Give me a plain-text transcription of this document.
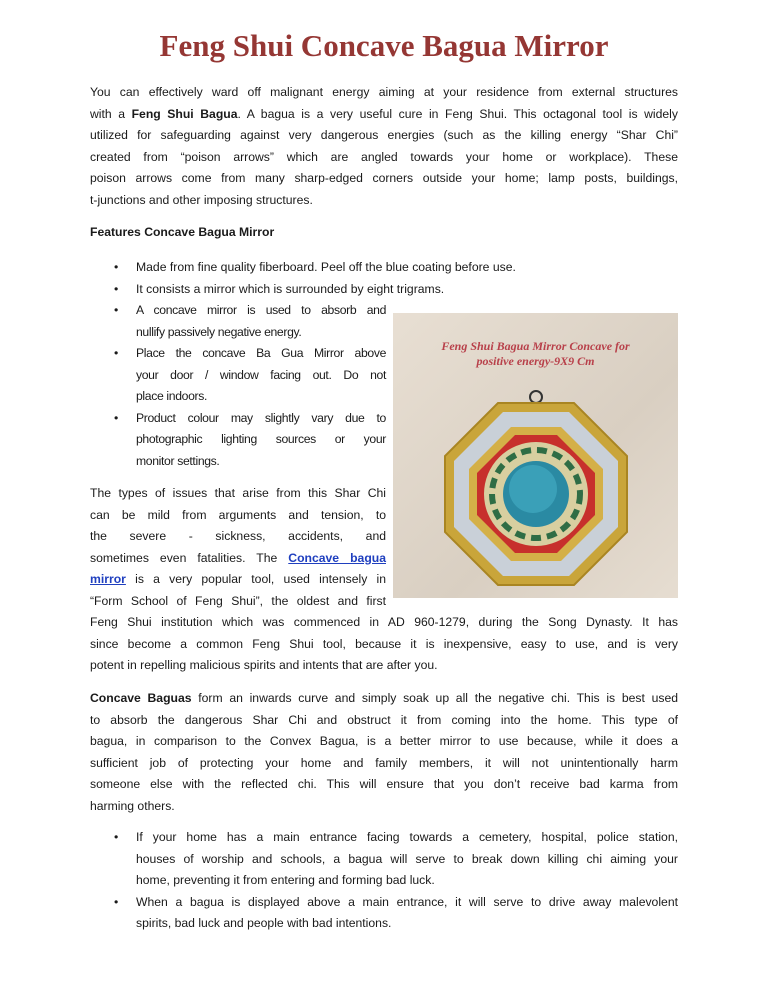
Feng Shui Concave Bagua Mirror
You can effectively ward off malignant energy aiming at your residence from external structures
with a Feng Shui Bagua. A bagua is a very useful cure in Feng Shui. This octagonal tool is widely
utilized for safeguarding against very dangerous energies (such as the killing energy “Shar Chi”
created from “poison arrows” which are angled towards your home or workplace). These
poison arrows come from many sharp-edged corners outside your home; lamp posts, buildings,
t-junctions and other imposing structures.
Features Concave Bagua Mirror
• Made from fine quality fiberboard. Peel off the blue coating before use.
• It consists a mirror which is surrounded by eight trigrams.
• A concave mirror is used to absorb and
nullify passively negative energy.
• Place the concave Ba Gua Mirror above
your door / window facing out. Do not
place indoors.
• Product colour may slightly vary due to
photographic lighting sources or your
monitor settings.
Feng Shui Bagua Mirror Concave for
positive energy-9X9 Cm
The types of issues that arise from this Shar Chi
can be mild from arguments and tension, to
the severe - sickness, accidents, and
sometimes even fatalities. The Concave bagua
mirror is a very popular tool, used intensely in
“Form School of Feng Shui”, the oldest and first
Feng Shui institution which was commenced in AD 960-1279, during the Song Dynasty. It has
since become a common Feng Shui tool, because it is inexpensive, easy to use, and is very
potent in repelling malicious spirits and intents that are after you.
Concave Baguas form an inwards curve and simply soak up all the negative chi. This is best used
to absorb the dangerous Shar Chi and obstruct it from coming into the home. This type of
bagua, in comparison to the Convex Bagua, is a better mirror to use because, while it does a
sufficient job of protecting your home and family members, it will not unintentionally harm
someone else with the reflected chi. This will ensure that you don’t receive bad karma from
harming others.
• If your home has a main entrance facing towards a cemetery, hospital, police station,
houses of worship and schools, a bagua will serve to break down killing chi aiming your
home, preventing it from entering and forming bad luck.
• When a bagua is displayed above a main entrance, it will serve to drive away malevolent
spirits, bad luck and people with bad intentions.
